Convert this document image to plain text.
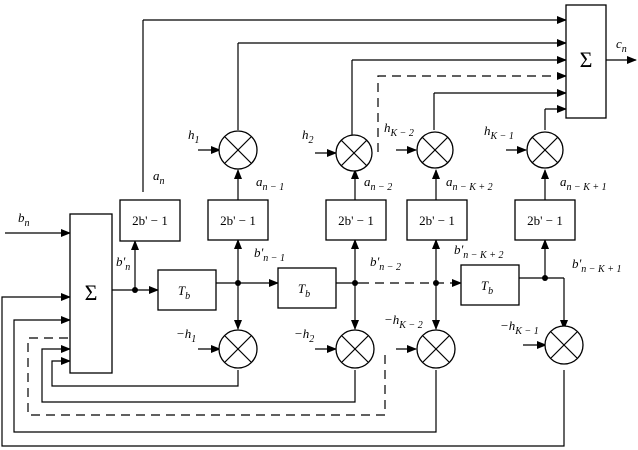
Σ
Σ
2b' − 1	2b' − 1	2b' − 1	2b' − 1	2b' − 1
$T_b$
$T_b$
$T_b$
$b_n$
$c_n$
$a_n$	$a_{n - 1}$	$a_{n - 2}$	$a_{n - K + 2}$	$a_{n - K + 1}$
$b'_n$
$b'_{n - 1}$	$b'_{n - 2}$
$b'_{n - K + 2}$
$b'_{n - K + 1}$
$h_1$	$h_2$
$h_{K - 2}$	$h_{K - 1}$
$-h_1$	$-h_2$
$-h_{K - 2}$	$-h_{K - 1}$
